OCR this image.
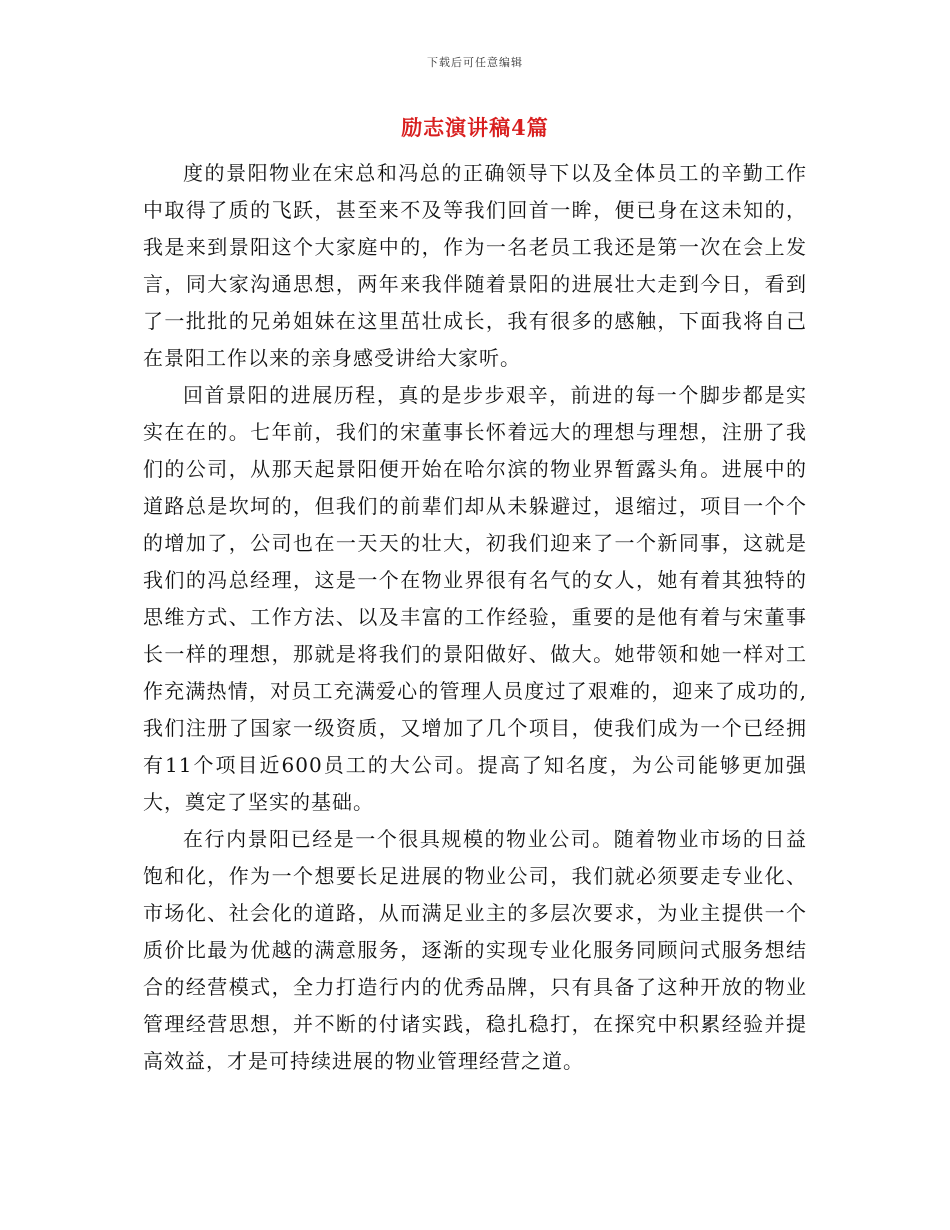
下载后可任意编辑
励志演讲稿4篇

度的景阳物业在宋总和冯总的正确领导下以及全体员工的辛勤工作中取得了质的飞跃，甚至来不及等我们回首一眸，便已身在这未知的，我是来到景阳这个大家庭中的，作为一名老员工我还是第一次在会上发言，同大家沟通思想，两年来我伴随着景阳的进展壮大走到今日，看到了一批批的兄弟姐妹在这里茁壮成长，我有很多的感触，下面我将自己在景阳工作以来的亲身感受讲给大家听。

回首景阳的进展历程，真的是步步艰辛，前进的每一个脚步都是实实在在的。七年前，我们的宋董事长怀着远大的理想与理想，注册了我们的公司，从那天起景阳便开始在哈尔滨的物业界暂露头角。进展中的道路总是坎坷的，但我们的前辈们却从未躲避过，退缩过，项目一个个的增加了，公司也在一天天的壮大，初我们迎来了一个新同事，这就是我们的冯总经理，这是一个在物业界很有名气的女人，她有着其独特的思维方式、工作方法、以及丰富的工作经验，重要的是他有着与宋董事长一样的理想，那就是将我们的景阳做好、做大。她带领和她一样对工作充满热情，对员工充满爱心的管理人员度过了艰难的，迎来了成功的,我们注册了国家一级资质，又增加了几个项目，使我们成为一个已经拥有11个项目近600员工的大公司。提高了知名度，为公司能够更加强大，奠定了坚实的基础。

在行内景阳已经是一个很具规模的物业公司。随着物业市场的日益饱和化，作为一个想要长足进展的物业公司，我们就必须要走专业化、市场化、社会化的道路，从而满足业主的多层次要求，为业主提供一个质价比最为优越的满意服务，逐渐的实现专业化服务同顾问式服务想结合的经营模式，全力打造行内的优秀品牌，只有具备了这种开放的物业管理经营思想，并不断的付诸实践，稳扎稳打，在探究中积累经验并提高效益，才是可持续进展的物业管理经营之道。
